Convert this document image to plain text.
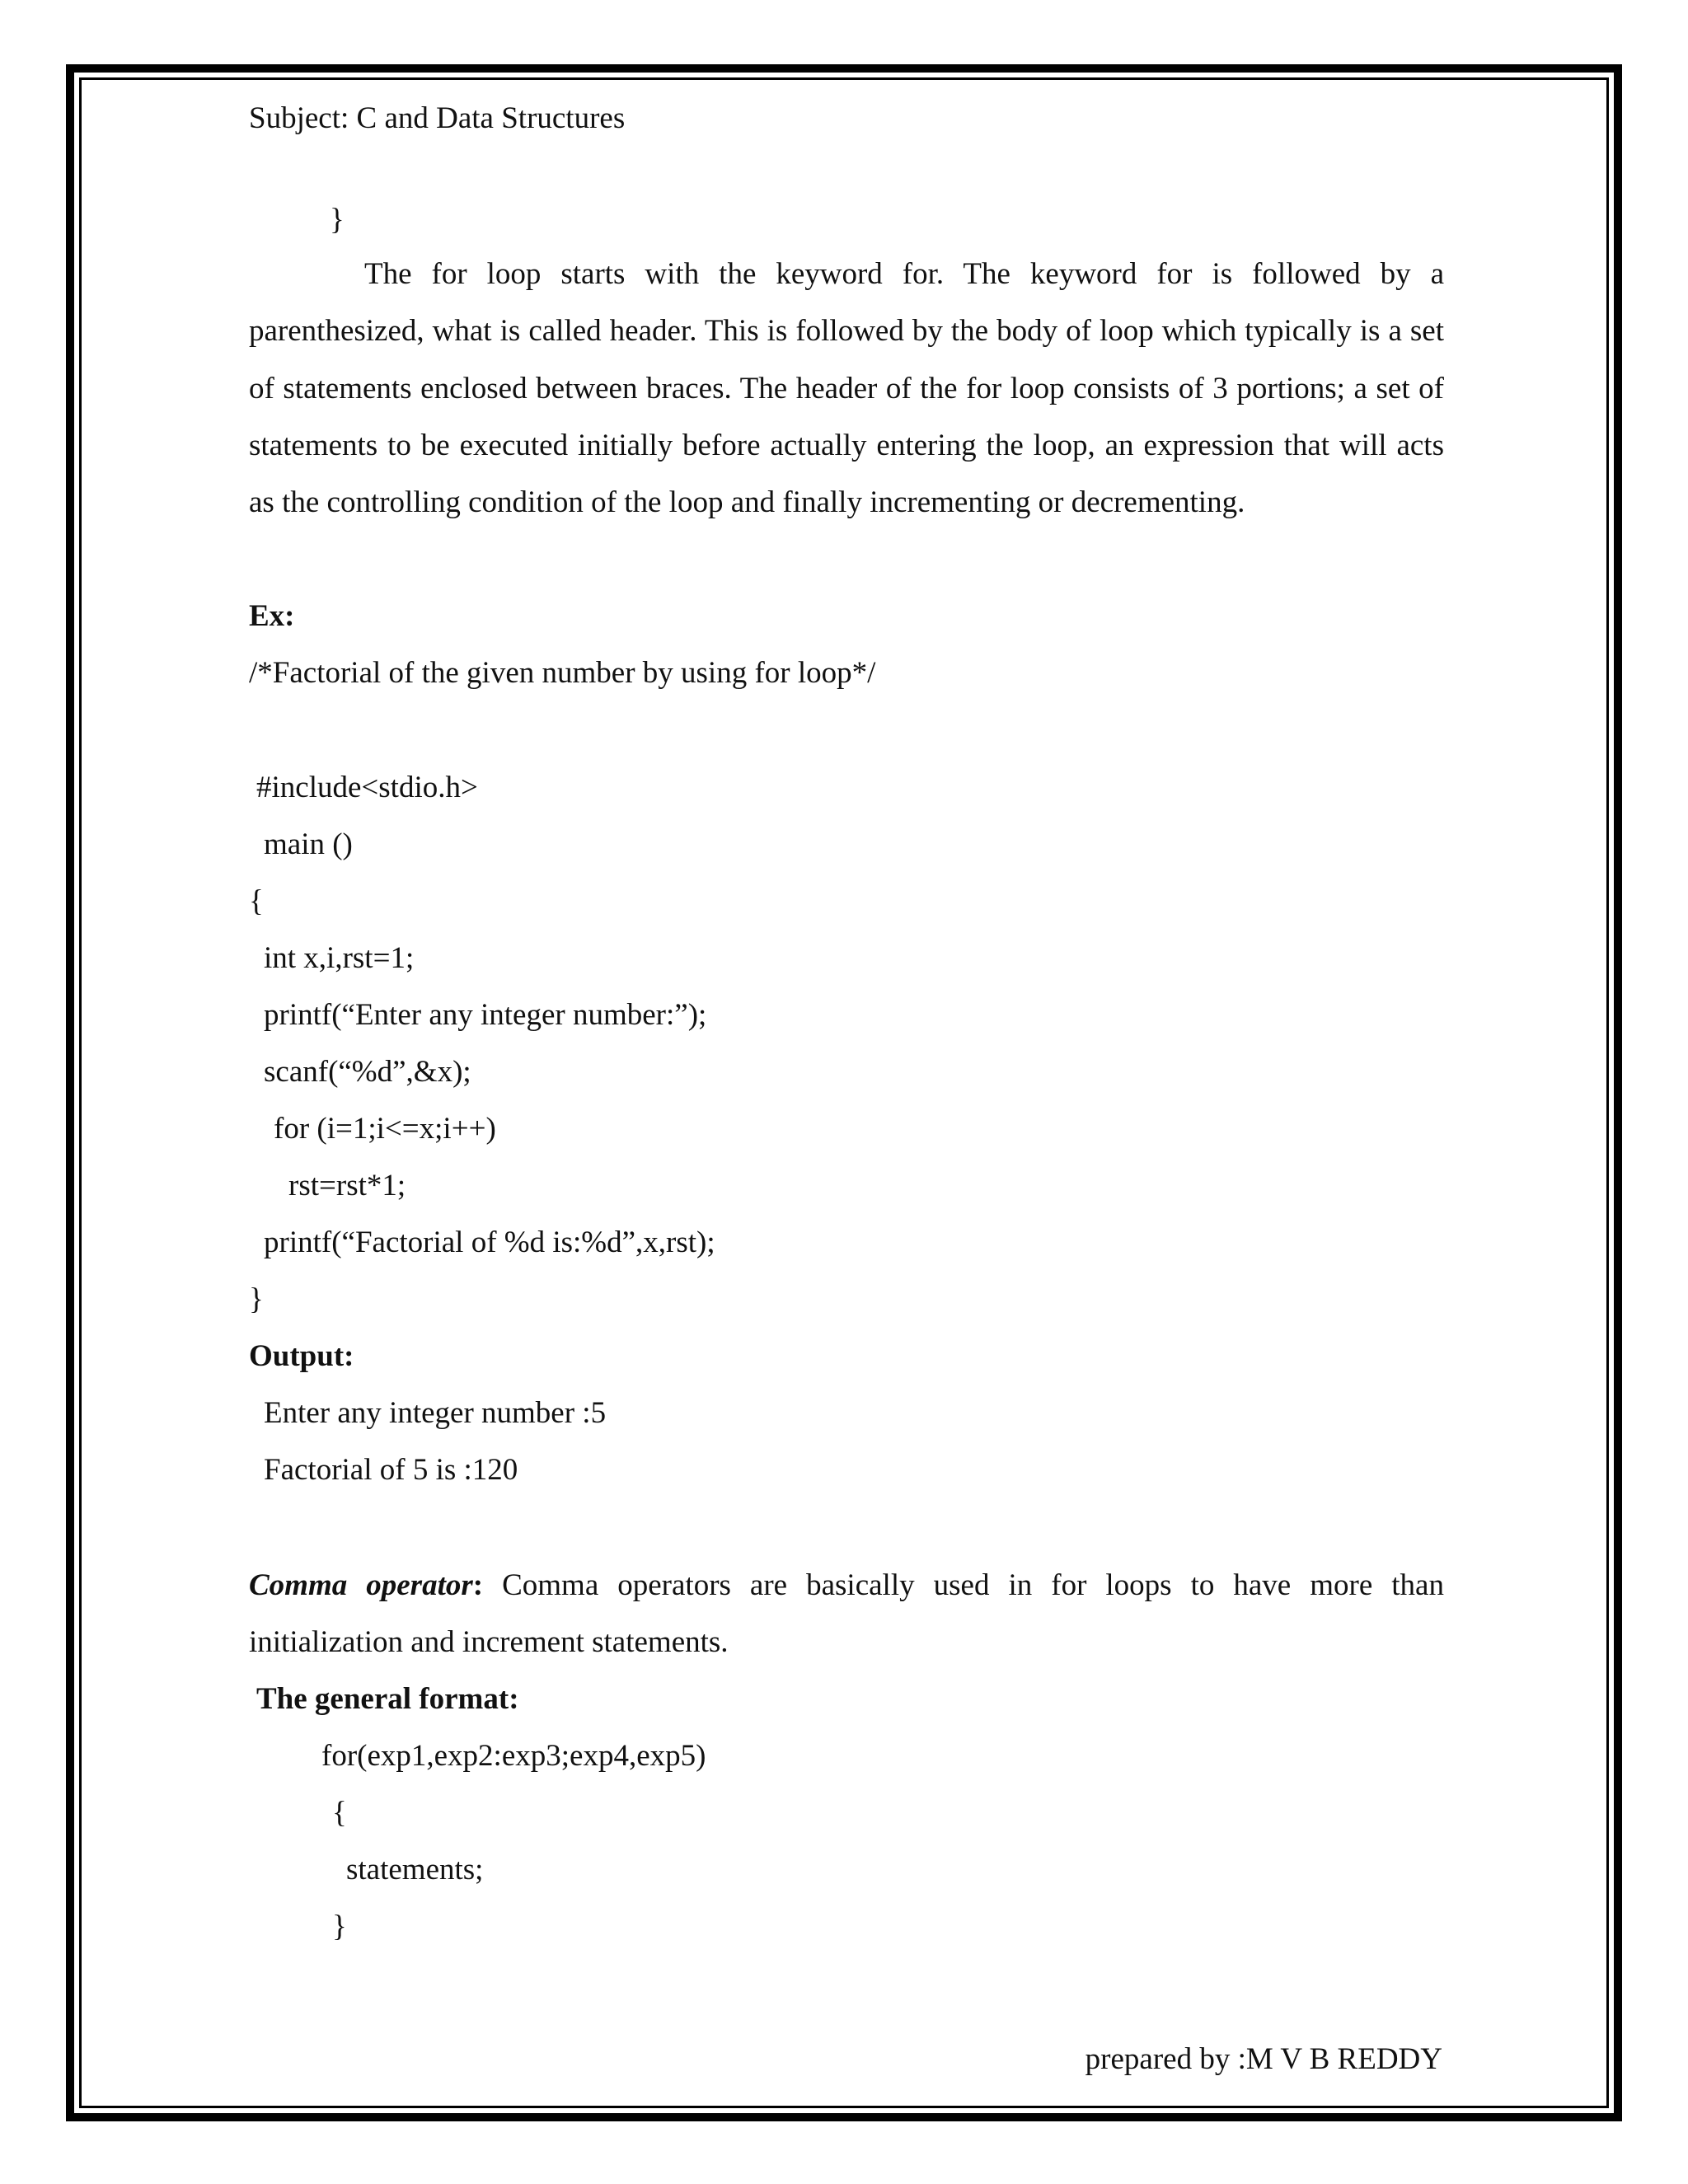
Subject: C and Data Structures
}

The for loop starts with the keyword for. The keyword for is followed by a parenthesized, what is called header. This is followed by the body of loop which typically is a set of statements enclosed between braces. The header of the for loop consists of 3 portions; a set of statements to be executed initially before actually entering the loop, an expression that will acts as the controlling condition of the loop and finally incrementing or decrementing.

Ex:
/*Factorial of the given number by using for loop*/
#include<stdio.h>
main ()
{
int x,i,rst=1;
printf(“Enter any integer number:”);
scanf(“%d”,&x);
for (i=1;i<=x;i++)
rst=rst*1;
printf(“Factorial of %d is:%d”,x,rst);
}
Output:
Enter any integer number :5
Factorial of 5 is :120

Comma operator: Comma operators are basically used in for loops to have more than initialization and increment statements.

The general format:
for(exp1,exp2:exp3;exp4,exp5)
{
statements;
}
prepared by :M V B REDDY
